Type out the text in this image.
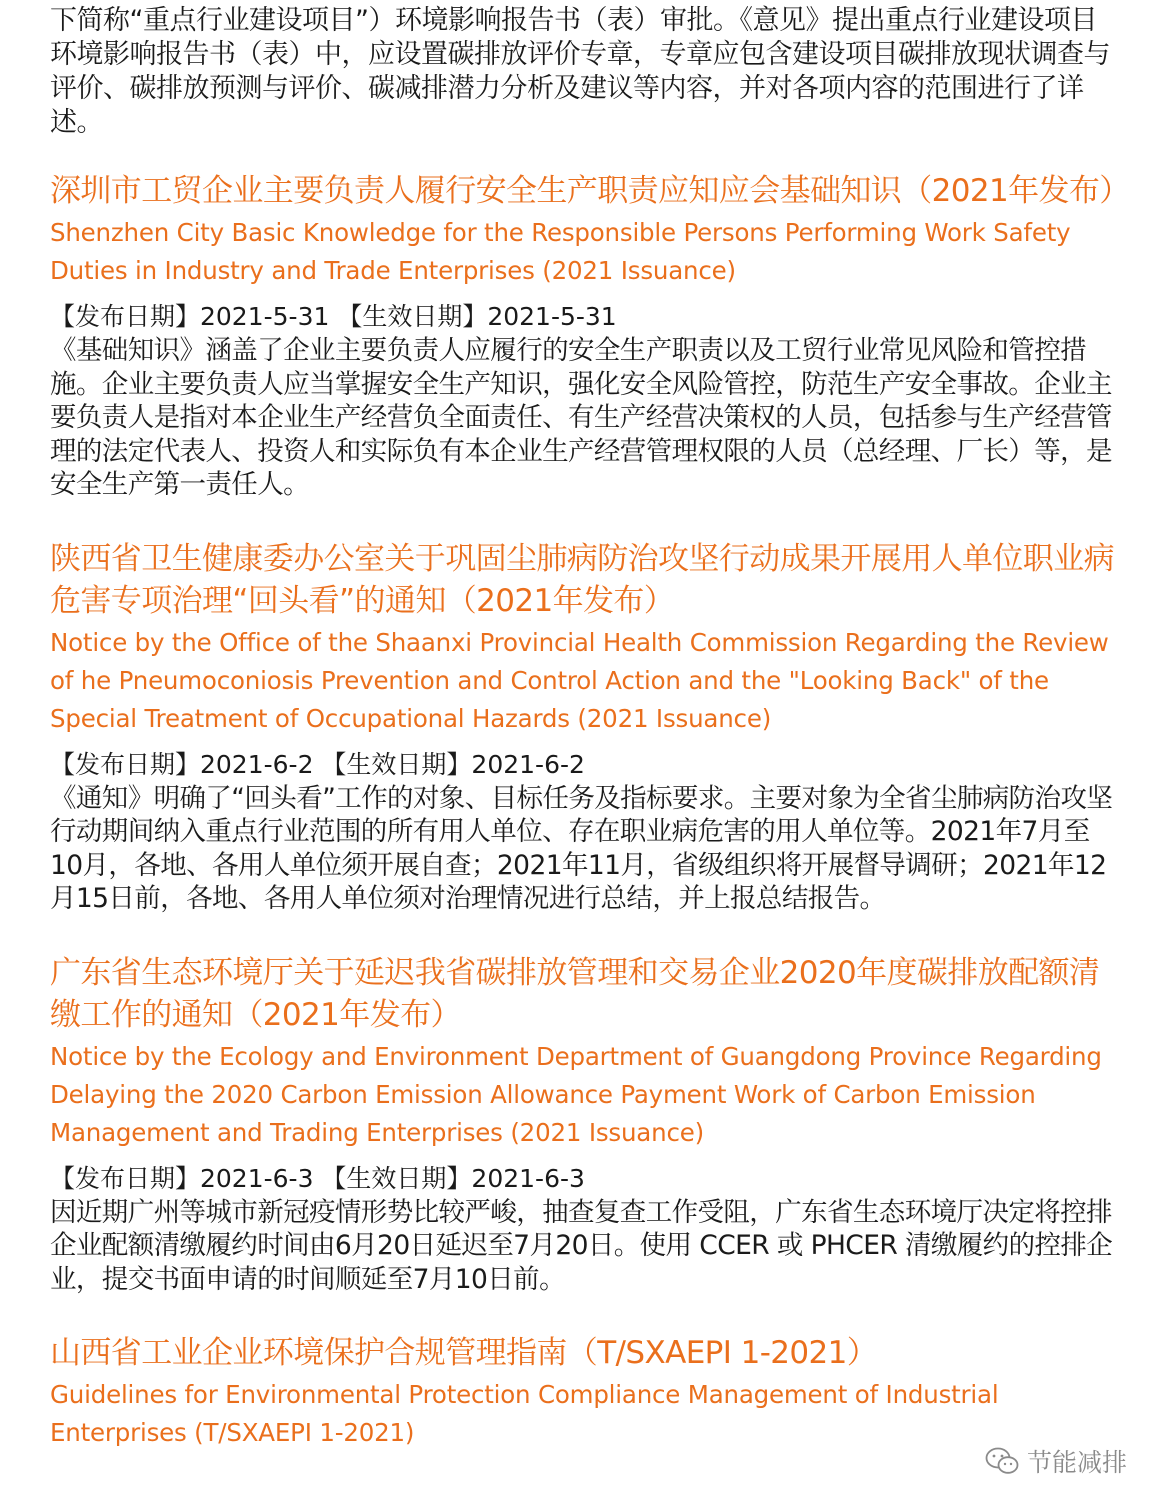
下简称“重点行业建设项目”）环境影响报告书（表）审批。《意见》提出重点行业建设项目环境影响报告书（表）中，应设置碳排放评价专章，专章应包含建设项目碳排放现状调查与评价、碳排放预测与评价、碳减排潜力分析及建议等内容，并对各项内容的范围进行了详述。

深圳市工贸企业主要负责人履行安全生产职责应知应会基础知识（2021年发布）

Shenzhen City Basic Knowledge for the Responsible Persons Performing Work Safety Duties in Industry and Trade Enterprises (2021 Issuance)

【发布日期】2021-5-31 【生效日期】2021-5-31

《基础知识》涵盖了企业主要负责人应履行的安全生产职责以及工贸行业常见风险和管控措施。企业主要负责人应当掌握安全生产知识，强化安全风险管控，防范生产安全事故。企业主要负责人是指对本企业生产经营负全面责任、有生产经营决策权的人员，包括参与生产经营管理的法定代表人、投资人和实际负有本企业生产经营管理权限的人员（总经理、厂长）等，是安全生产第一责任人。

陕西省卫生健康委办公室关于巩固尘肺病防治攻坚行动成果开展用人单位职业病危害专项治理“回头看”的通知（2021年发布）

Notice by the Office of the Shaanxi Provincial Health Commission Regarding the Review of he Pneumoconiosis Prevention and Control Action and the "Looking Back" of the Special Treatment of Occupational Hazards (2021 Issuance)

【发布日期】2021-6-2 【生效日期】2021-6-2

《通知》明确了“回头看”工作的对象、目标任务及指标要求。主要对象为全省尘肺病防治攻坚行动期间纳入重点行业范围的所有用人单位、存在职业病危害的用人单位等。2021年7月至10月，各地、各用人单位须开展自查；2021年11月，省级组织将开展督导调研；2021年12月15日前，各地、各用人单位须对治理情况进行总结，并上报总结报告。

广东省生态环境厅关于延迟我省碳排放管理和交易企业2020年度碳排放配额清缴工作的通知（2021年发布）

Notice by the Ecology and Environment Department of Guangdong Province Regarding Delaying the 2020 Carbon Emission Allowance Payment Work of Carbon Emission Management and Trading Enterprises (2021 Issuance)

【发布日期】2021-6-3 【生效日期】2021-6-3

因近期广州等城市新冠疫情形势比较严峻，抽查复查工作受阻，广东省生态环境厅决定将控排企业配额清缴履约时间由6月20日延迟至7月20日。使用 CCER 或 PHCER 清缴履约的控排企业，提交书面申请的时间顺延至7月10日前。

山西省工业企业环境保护合规管理指南（T/SXAEPI 1-2021）

Guidelines for Environmental Protection Compliance Management of Industrial Enterprises (T/SXAEPI 1-2021)

节能减排
